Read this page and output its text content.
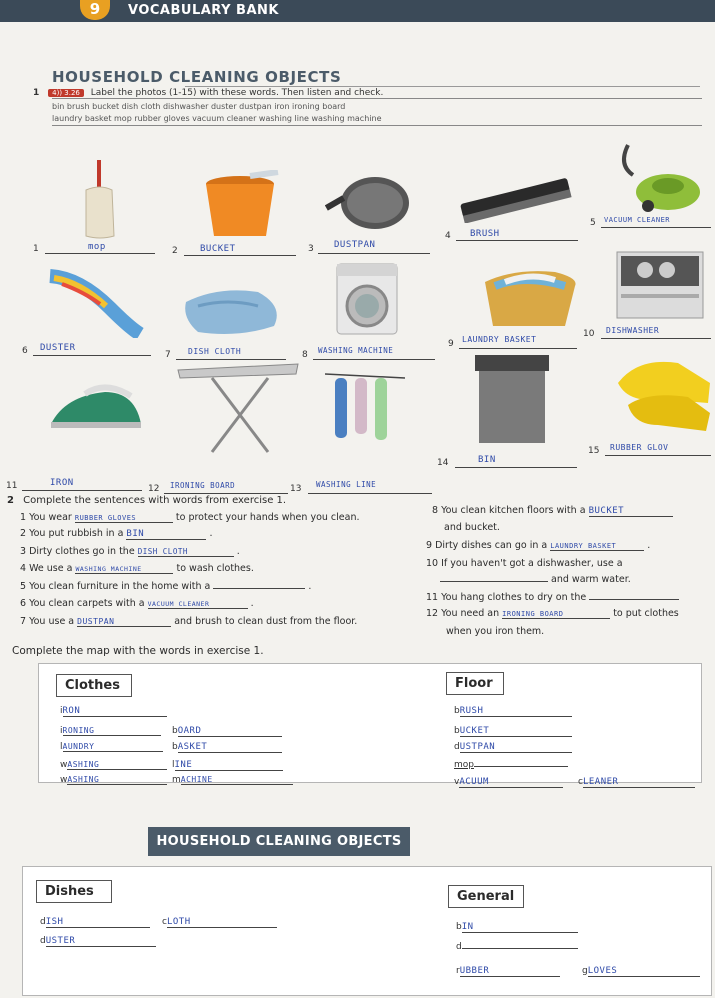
9	VOCABULARY BANK
HOUSEHOLD CLEANING OBJECTS
1 4)) 3.26 Label the photos (1-15) with these words. Then listen and check.
bin brush bucket dish cloth dishwasher duster dustpan iron ironing board
laundry basket mop rubber gloves vacuum cleaner washing line washing machine
1	mop	2 BUCKET	3 DUSTPAN
4 BRUSH
5 VACUUM CLEANER
6 DUSTER
7 DISH CLOTH	8 WASHING MACHINE
9 LAUNDRY BASKET
10 DISHWASHER
11	IRON
12 IRONING BOARD	13 WASHING LINE
14	BIN
15 RUBBER GLOV
2 Complete the sentences with words from exercise 1.
1 You wear RUBBER GLOVES	to protect your hands when you clean.
2 You put rubbish in a BIN	.
3 Dirty clothes go in the DISH CLOTH	.
4 We use a WASHING MACHINE	to wash clothes.
5 You clean furniture in the home with a	.
6 You clean carpets with a VACUUM CLEANER	.
7 You use a DUSTPAN	and brush to clean dust from the floor.
8 You clean kitchen floors with a BUCKET
and bucket.
9 Dirty dishes can go in a LAUNDRY BASKET	.
10 If you haven't got a dishwasher, use a
and warm water.
11 You hang clothes to dry on the
12 You need an IRONING BOARD	to put clothes
when you iron them.
Complete the map with the words in exercise 1.
Clothes	Floor
iRON
iRONING	bOARD
lAUNDRY	bASKET
wASHING	lINE
wASHING	mACHINE
bRUSH
bUCKET
dUSTPAN
mop
vACUUM	cLEANER
HOUSEHOLD CLEANING OBJECTS
Dishes	General
dISH	cLOTH
dUSTER
bIN
d
rUBBER	gLOVES
